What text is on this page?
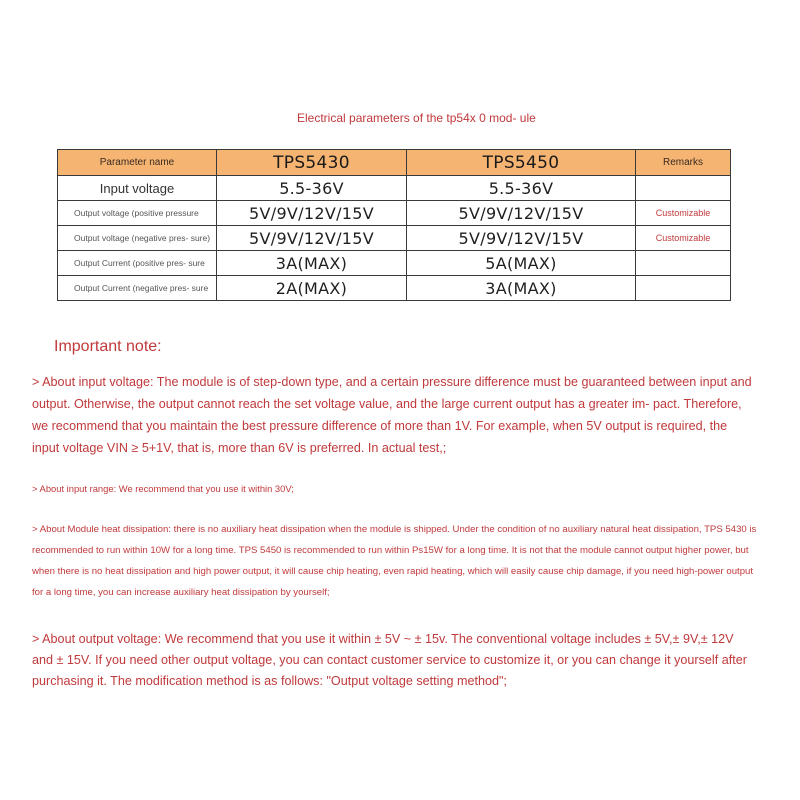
Electrical parameters of the tp54x 0 mod- ule
Parameter name	TPS5430	TPS5450	Remarks
Input voltage	5.5-36V	5.5-36V	
Output voltage (positive pressure	5V/9V/12V/15V	5V/9V/12V/15V	Customizable
Output voltage (negative pres- sure)	5V/9V/12V/15V	5V/9V/12V/15V	Customizable
Output Current (positive pres- sure	3A(MAX)	5A(MAX)	
Output Current (negative pres- sure	2A(MAX)	3A(MAX)	
Important note:

> About input voltage: The module is of step-down type, and a certain pressure difference must be guaranteed between input and output. Otherwise, the output cannot reach the set voltage value, and the large current output has a greater im- pact. Therefore, we recommend that you maintain the best pressure difference of more than 1V. For example, when 5V output is required, the input voltage VIN ≥ 5+1V, that is, more than 6V is preferred. In actual test,;

> About input range: We recommend that you use it within 30V;

> About Module heat dissipation: there is no auxiliary heat dissipation when the module is shipped. Under the condition of no auxiliary natural heat dissipation, TPS 5430 is recommended to run within 10W for a long time. TPS 5450 is recommended to run within Ps15W for a long time. It is not that the module cannot output higher power, but when there is no heat dissipation and high power output, it will cause chip heating, even rapid heating, which will easily cause chip damage, if you need high-power output for a long time, you can increase auxiliary heat dissipation by yourself;

> About output voltage: We recommend that you use it within ± 5V ~ ± 15v. The conventional voltage includes ± 5V,± 9V,± 12V and ± 15V. If you need other output voltage, you can contact customer service to customize it, or you can change it yourself after purchasing it. The modification method is as follows: "Output voltage setting method";
